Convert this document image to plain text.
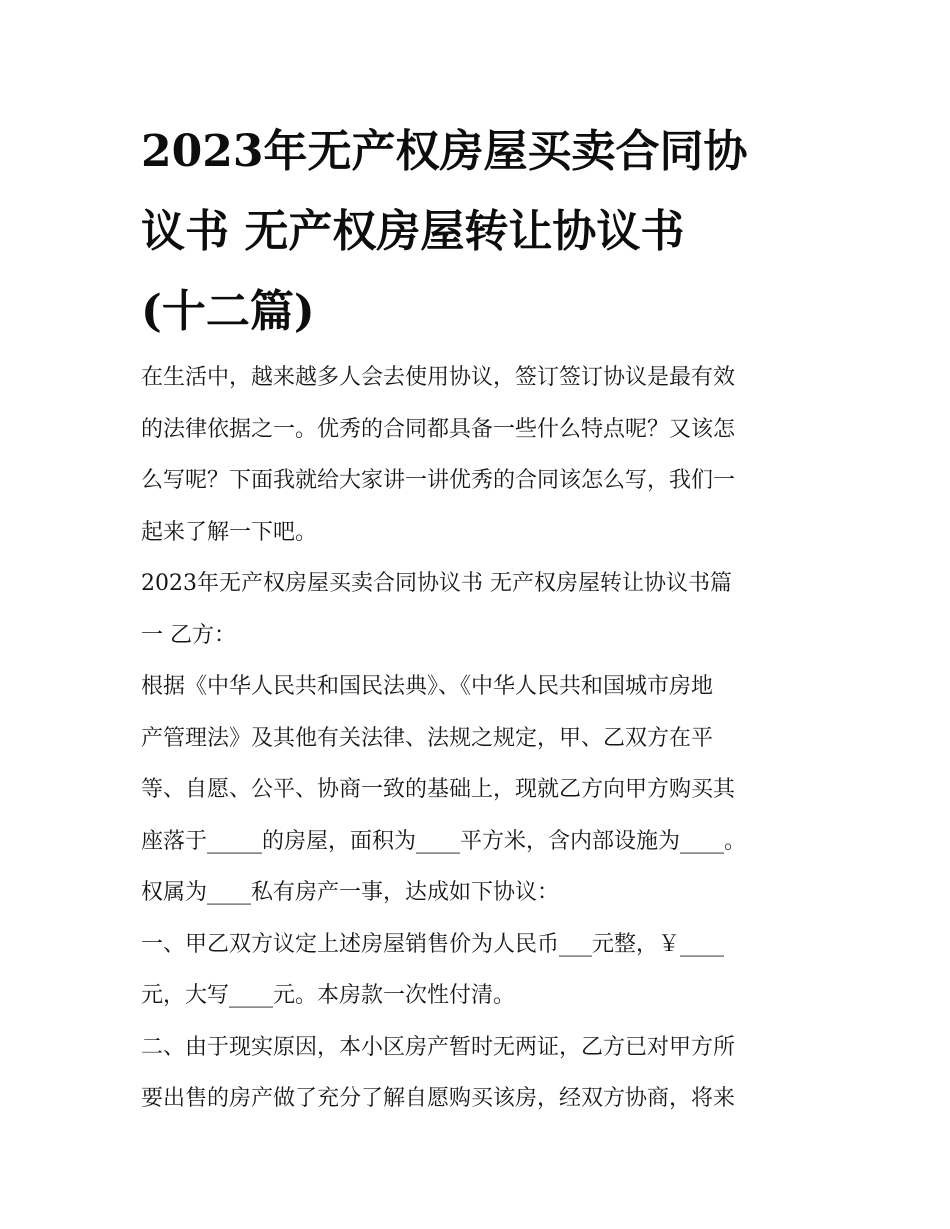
2023年无产权房屋买卖合同协
议书 无产权房屋转让协议书
(十二篇)
在生活中，越来越多人会去使用协议，签订签订协议是最有效
的法律依据之一。优秀的合同都具备一些什么特点呢？又该怎
么写呢？下面我就给大家讲一讲优秀的合同该怎么写，我们一
起来了解一下吧。
2023年无产权房屋买卖合同协议书 无产权房屋转让协议书篇
一 乙方：
根据《中华人民共和国民法典》、《中华人民共和国城市房地
产管理法》及其他有关法律、法规之规定，甲、乙双方在平
等、自愿、公平、协商一致的基础上，现就乙方向甲方购买其
座落于_____的房屋，面积为____平方米，含内部设施为____。
权属为____私有房产一事，达成如下协议：
一、甲乙双方议定上述房屋销售价为人民币___元整，￥____
元，大写____元。本房款一次性付清。
二、由于现实原因，本小区房产暂时无两证，乙方已对甲方所
要出售的房产做了充分了解自愿购买该房，经双方协商，将来
